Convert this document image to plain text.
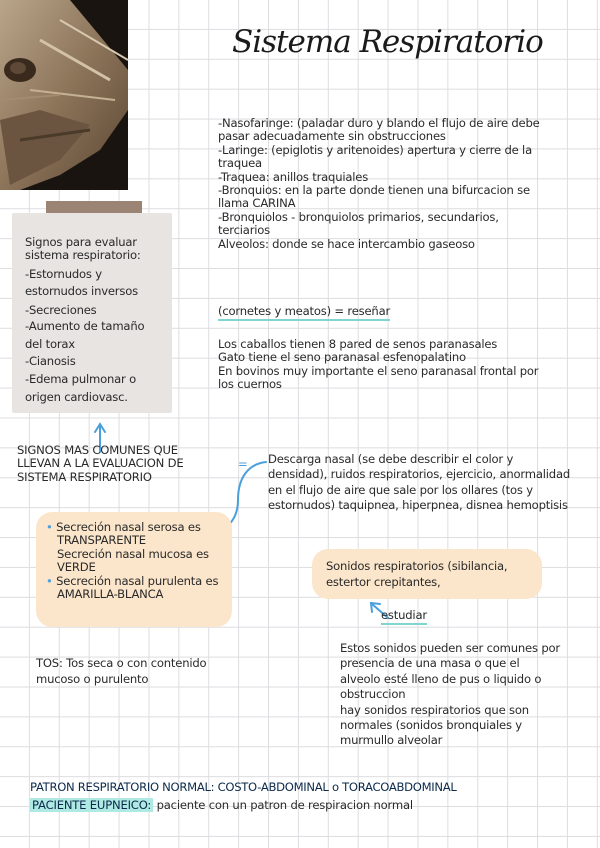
Sistema Respiratorio
-Nasofaringe: (paladar duro y blando el flujo de aire debe
pasar adecuadamente sin obstrucciones
-Laringe: (epiglotis y aritenoides) apertura y cierre de la
traquea
-Traquea: anillos traquiales
-Bronquios: en la parte donde tienen una bifurcacion se
llama CARINA
-Bronquiolos - bronquiolos primarios, secundarios,
terciarios
Alveolos: donde se hace intercambio gaseoso
(cornetes y meatos) = reseñar
Los caballos tienen 8 pared de senos paranasales
Gato tiene el seno paranasal esfenopalatino
En bovinos muy importante el seno paranasal frontal por
los cuernos
Signos para evaluar
sistema respiratorio:
-Estornudos y
estornudos inversos
-Secreciones
-Aumento de tamaño
del torax
-Cianosis
-Edema pulmonar o
origen cardiovasc.
SIGNOS MAS COMUNES QUE
LLEVAN A LA EVALUACION DE
SISTEMA RESPIRATORIO
= Descarga nasal (se debe describir el color y
densidad), ruidos respiratorios, ejercicio, anormalidad
en el flujo de aire que sale por los ollares (tos y
estornudos) taquipnea, hiperpnea, disnea hemoptisis
• Secreción nasal serosa es
TRANSPARENTE
Secreción nasal mucosa es
VERDE
• Secreción nasal purulenta es
AMARILLA-BLANCA
Sonidos respiratorios (sibilancia,
estertor crepitantes,
estudiar
Estos sonidos pueden ser comunes por
presencia de una masa o que el
alveolo esté lleno de pus o liquido o
obstruccion
hay sonidos respiratorios que son
normales (sonidos bronquiales y
murmullo alveolar
TOS: Tos seca o con contenido
mucoso o purulento
PATRON RESPIRATORIO NORMAL: COSTO-ABDOMINAL o TORACOABDOMINAL
PACIENTE EUPNEICO: paciente con un patron de respiracion normal
